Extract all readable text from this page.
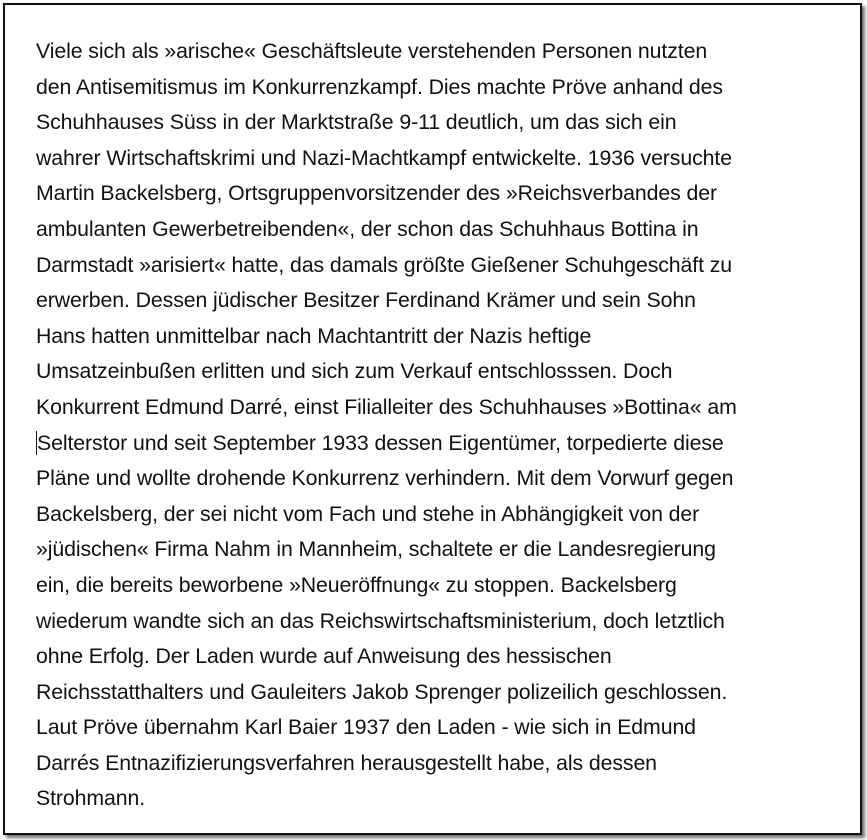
Viele sich als »arische« Geschäftsleute verstehenden Personen nutzten
den Antisemitismus im Konkurrenzkampf. Dies machte Pröve anhand des
Schuhhauses Süss in der Marktstraße 9-11 deutlich, um das sich ein
wahrer Wirtschaftskrimi und Nazi-Machtkampf entwickelte. 1936 versuchte
Martin Backelsberg, Ortsgruppenvorsitzender des »Reichsverbandes der
ambulanten Gewerbetreibenden«, der schon das Schuhhaus Bottina in
Darmstadt »arisiert« hatte, das damals größte Gießener Schuhgeschäft zu
erwerben. Dessen jüdischer Besitzer Ferdinand Krämer und sein Sohn
Hans hatten unmittelbar nach Machtantritt der Nazis heftige
Umsatzeinbußen erlitten und sich zum Verkauf entschlosssen. Doch
Konkurrent Edmund Darré, einst Filialleiter des Schuhhauses »Bottina« am
Selterstor und seit September 1933 dessen Eigentümer, torpedierte diese
Pläne und wollte drohende Konkurrenz verhindern. Mit dem Vorwurf gegen
Backelsberg, der sei nicht vom Fach und stehe in Abhängigkeit von der
»jüdischen« Firma Nahm in Mannheim, schaltete er die Landesregierung
ein, die bereits beworbene »Neueröffnung« zu stoppen. Backelsberg
wiederum wandte sich an das Reichswirtschaftsministerium, doch letztlich
ohne Erfolg. Der Laden wurde auf Anweisung des hessischen
Reichsstatthalters und Gauleiters Jakob Sprenger polizeilich geschlossen.
Laut Pröve übernahm Karl Baier 1937 den Laden - wie sich in Edmund
Darrés Entnazifizierungsverfahren herausgestellt habe, als dessen
Strohmann.
